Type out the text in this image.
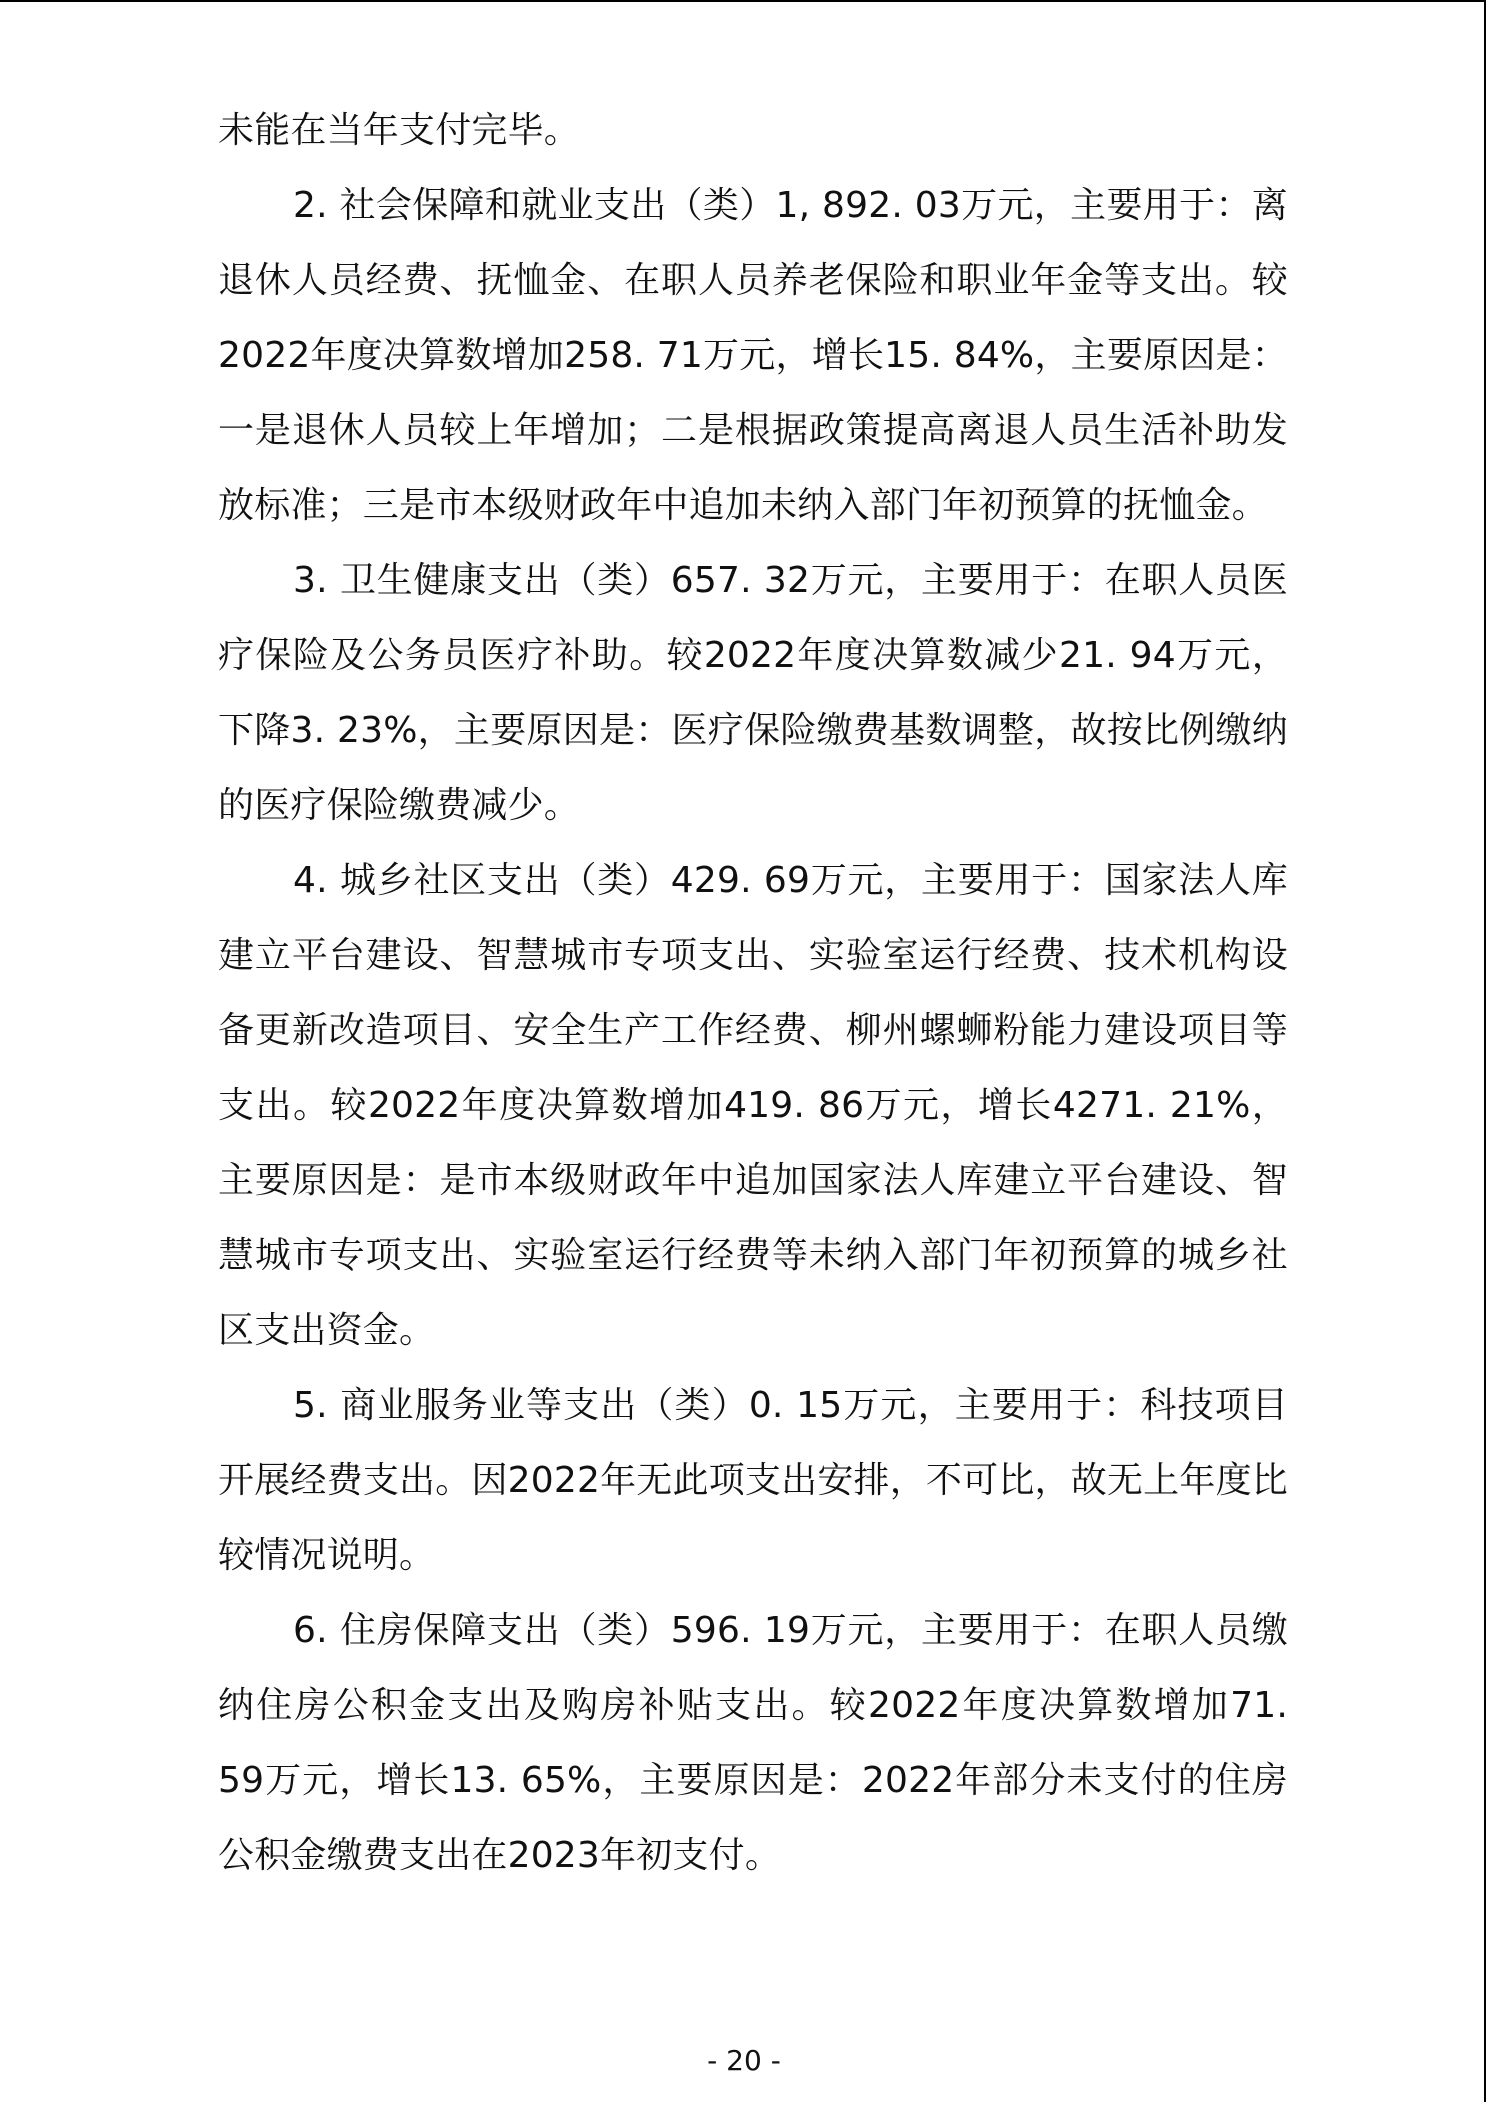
未能在当年支付完毕。

2. 社会保障和就业支出（类）1, 892. 03万元，主要用于：离退休人员经费、抚恤金、在职人员养老保险和职业年金等支出。较2022年度决算数增加258. 71万元，增长15. 84%，主要原因是：一是退休人员较上年增加；二是根据政策提高离退人员生活补助发放标准；三是市本级财政年中追加未纳入部门年初预算的抚恤金。

3. 卫生健康支出（类）657. 32万元，主要用于：在职人员医疗保险及公务员医疗补助。较2022年度决算数减少21. 94万元，下降3. 23%，主要原因是：医疗保险缴费基数调整，故按比例缴纳的医疗保险缴费减少。

4. 城乡社区支出（类）429. 69万元，主要用于：国家法人库建立平台建设、智慧城市专项支出、实验室运行经费、技术机构设备更新改造项目、安全生产工作经费、柳州螺蛳粉能力建设项目等支出。较2022年度决算数增加419. 86万元，增长4271. 21%，主要原因是：是市本级财政年中追加国家法人库建立平台建设、智慧城市专项支出、实验室运行经费等未纳入部门年初预算的城乡社区支出资金。

5. 商业服务业等支出（类）0. 15万元，主要用于：科技项目开展经费支出。因2022年无此项支出安排，不可比，故无上年度比较情况说明。

6. 住房保障支出（类）596. 19万元，主要用于：在职人员缴纳住房公积金支出及购房补贴支出。较2022年度决算数增加71. 59万元，增长13. 65%，主要原因是：2022年部分未支付的住房公积金缴费支出在2023年初支付。

- 20 -
